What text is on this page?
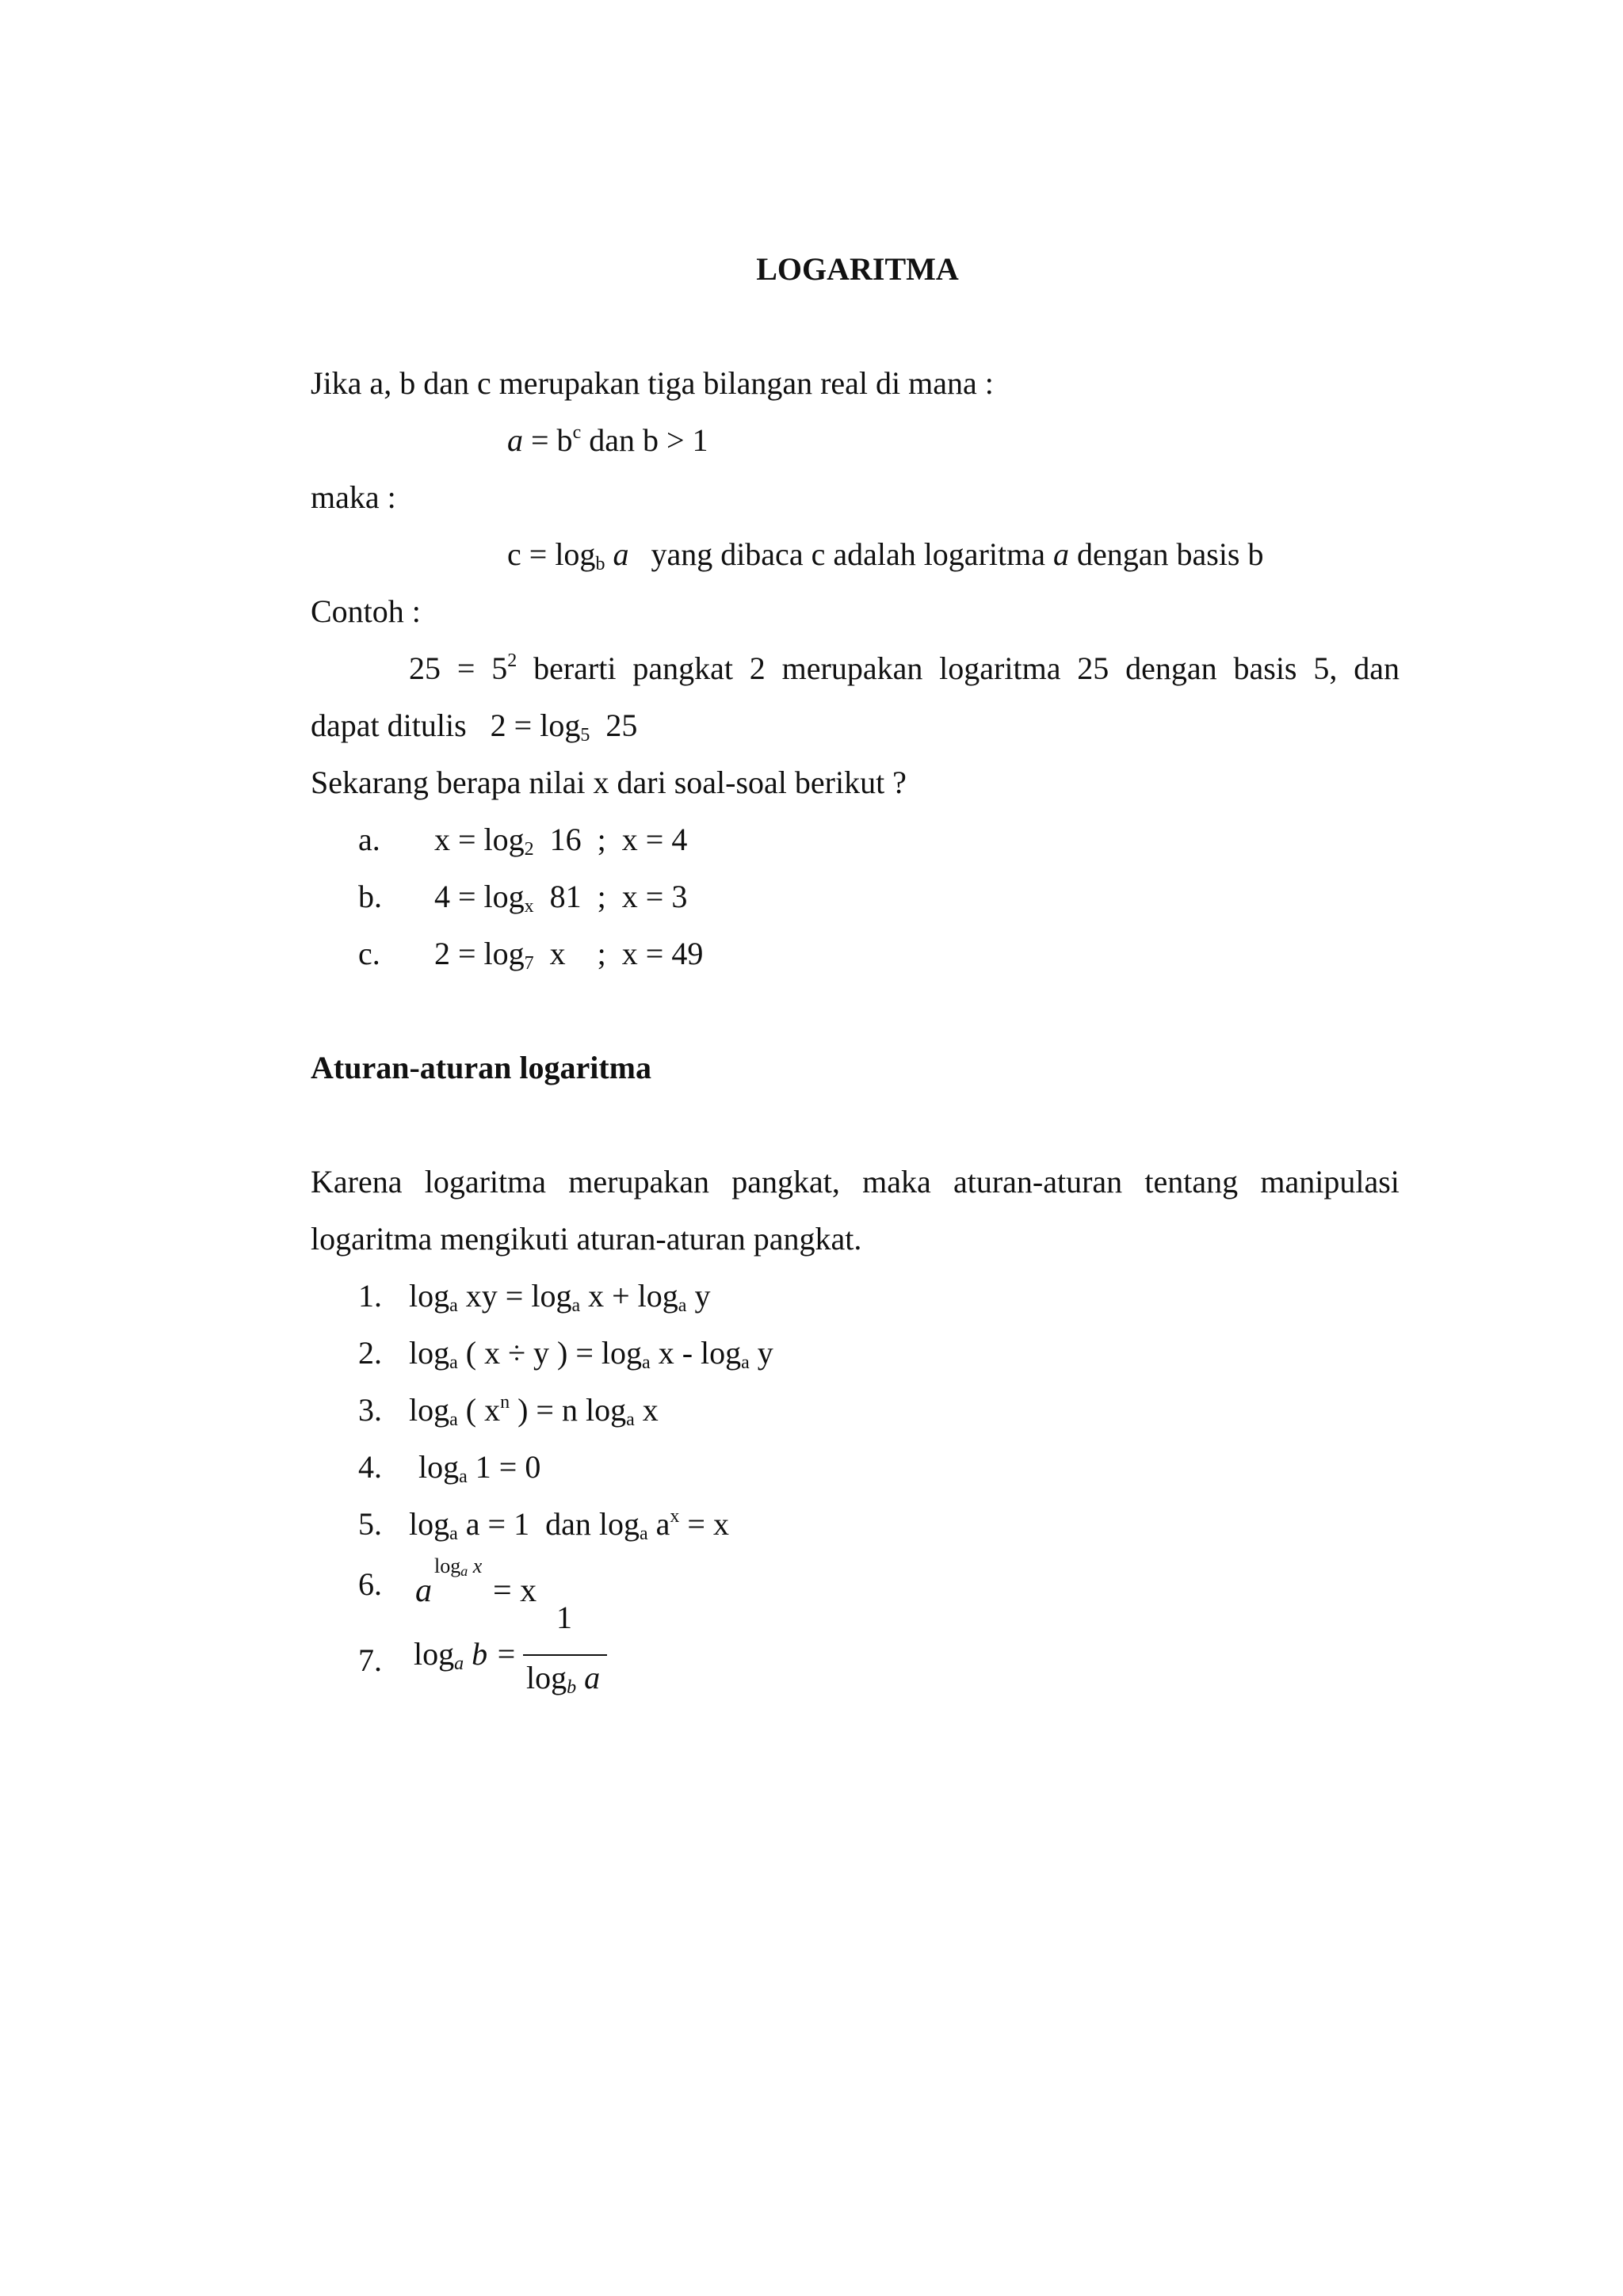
LOGARITMA
Jika a, b dan c merupakan tiga bilangan real di mana :
$a = b^c$ dan b > 1
maka :
$c = \log_b a$ yang dibaca c adalah logaritma a dengan basis b
Contoh :
$25 = 5^2$ berarti pangkat 2 merupakan logaritma 25 dengan basis 5, dan
dapat ditulis   $2 = \log_5 25$
Sekarang berapa nilai x dari soal-soal berikut ?
a. $x = \log_2 16$  ;  x = 4
b. $4 = \log_x 81$  ;  x = 3
c. $2 = \log_7 x$    ;  x = 49
Aturan-aturan logaritma
Karena logaritma merupakan pangkat, maka aturan-aturan tentang manipulasi
logaritma mengikuti aturan-aturan pangkat.
1. $\log_a$ xy = $\log_a x + \log_a y$
2. $\log_a$ ( x ÷ y ) = $\log_a x - \log_a y$
3. $\log_a$ ( $x^n$ ) = n $\log_a x$
4. $\log_a 1 = 0$
5. $\log_a a = 1$  dan $\log_a a^x = x$
6. a
$\log_a x$
= x
7. $\log_a b$ =
1
$\log_b a$
